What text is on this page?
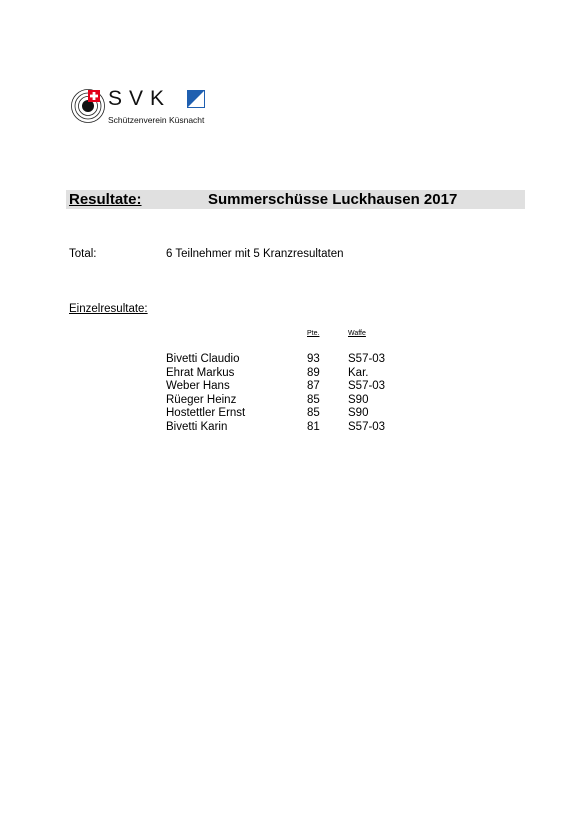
SVK
Schützenverein Küsnacht
Resultate:	Summerschüsse Luckhausen 2017
Total:	6 Teilnehmer mit 5 Kranzresultaten
Einzelresultate:
Pte.	Waffe
Bivetti Claudio	93 S57-03
Ehrat Markus	89 Kar.
Weber Hans	87 S57-03
Rüeger Heinz	85 S90
Hostettler Ernst	85 S90
Bivetti Karin	81 S57-03
